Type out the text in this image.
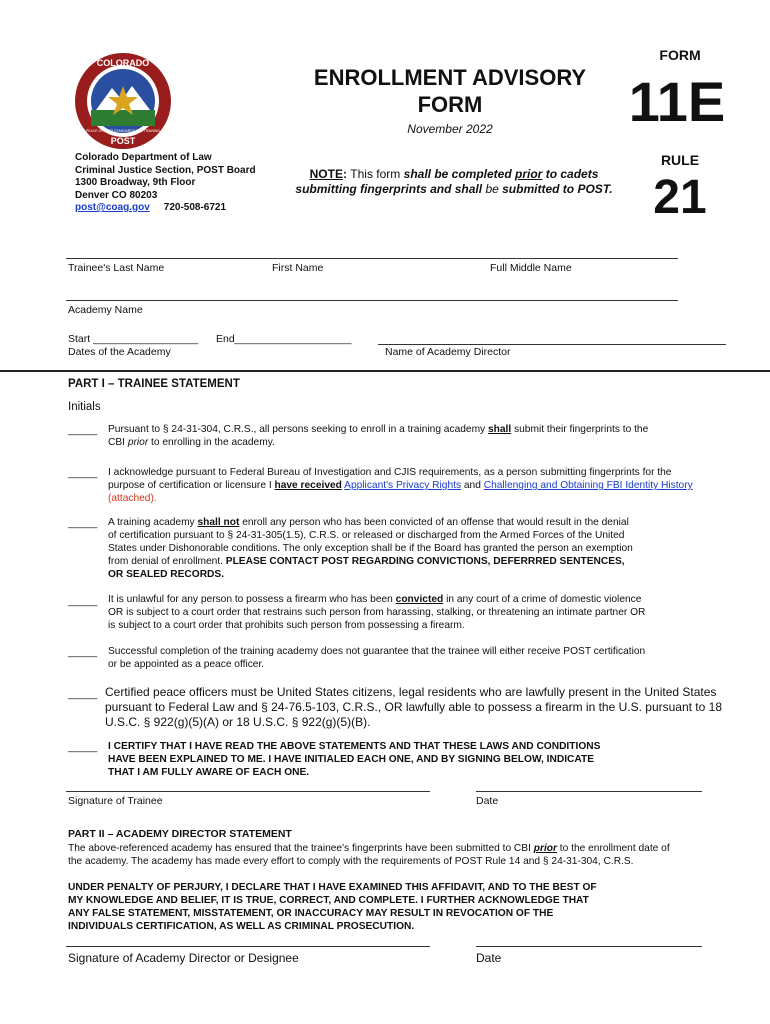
COLORADO
POST
PEACE OFFICER STANDARDS AND TRAINING
ENROLLMENT ADVISORY
FORM
November 2022
FORM
11E
RULE
21
Colorado Department of Law
Criminal Justice Section, POST Board
1300 Broadway, 9th Floor
Denver CO 80203
post@coag.gov 720-508-6721
NOTE: This form shall be completed prior to cadets
submitting fingerprints and shall be submitted to POST.
Trainee's Last Name	First Name	Full Middle Name
Academy Name
Start __________________ End____________________
Dates of the Academy	Name of Academy Director
PART I – TRAINEE STATEMENT
Initials
_____ Pursuant to § 24-31-304, C.R.S., all persons seeking to enroll in a training academy shall submit their fingerprints to the
CBI prior to enrolling in the academy.
_____ I acknowledge pursuant to Federal Bureau of Investigation and CJIS requirements, as a person submitting fingerprints for the
purpose of certification or licensure I have received Applicant's Privacy Rights and Challenging and Obtaining FBI Identity History
(attached).
_____ A training academy shall not enroll any person who has been convicted of an offense that would result in the denial
of certification pursuant to § 24-31-305(1.5), C.R.S. or released or discharged from the Armed Forces of the United
States under Dishonorable conditions. The only exception shall be if the Board has granted the person an exemption
from denial of enrollment. PLEASE CONTACT POST REGARDING CONVICTIONS, DEFERRRED SENTENCES,
OR SEALED RECORDS.
_____ It is unlawful for any person to possess a firearm who has been convicted in any court of a crime of domestic violence
OR is subject to a court order that restrains such person from harassing, stalking, or threatening an intimate partner OR
is subject to a court order that prohibits such person from possessing a firearm.
_____ Successful completion of the training academy does not guarantee that the trainee will either receive POST certification
or be appointed as a peace officer.
_____ Certified peace officers must be United States citizens, legal residents who are lawfully present in the United States
pursuant to Federal Law and § 24-76.5-103, C.R.S., OR lawfully able to possess a firearm in the U.S. pursuant to 18
U.S.C. § 922(g)(5)(A) or 18 U.S.C. § 922(g)(5)(B).
_____ I CERTIFY THAT I HAVE READ THE ABOVE STATEMENTS AND THAT THESE LAWS AND CONDITIONS
HAVE BEEN EXPLAINED TO ME. I HAVE INITIALED EACH ONE, AND BY SIGNING BELOW, INDICATE
THAT I AM FULLY AWARE OF EACH ONE.
Signature of Trainee	Date
PART II – ACADEMY DIRECTOR STATEMENT
The above-referenced academy has ensured that the trainee's fingerprints have been submitted to CBI prior to the enrollment date of
the academy. The academy has made every effort to comply with the requirements of POST Rule 14 and § 24-31-304, C.R.S.
UNDER PENALTY OF PERJURY, I DECLARE THAT I HAVE EXAMINED THIS AFFIDAVIT, AND TO THE BEST OF
MY KNOWLEDGE AND BELIEF, IT IS TRUE, CORRECT, AND COMPLETE. I FURTHER ACKNOWLEDGE THAT
ANY FALSE STATEMENT, MISSTATEMENT, OR INACCURACY MAY RESULT IN REVOCATION OF THE
INDIVIDUALS CERTIFICATION, AS WELL AS CRIMINAL PROSECUTION.
Signature of Academy Director or Designee	Date
